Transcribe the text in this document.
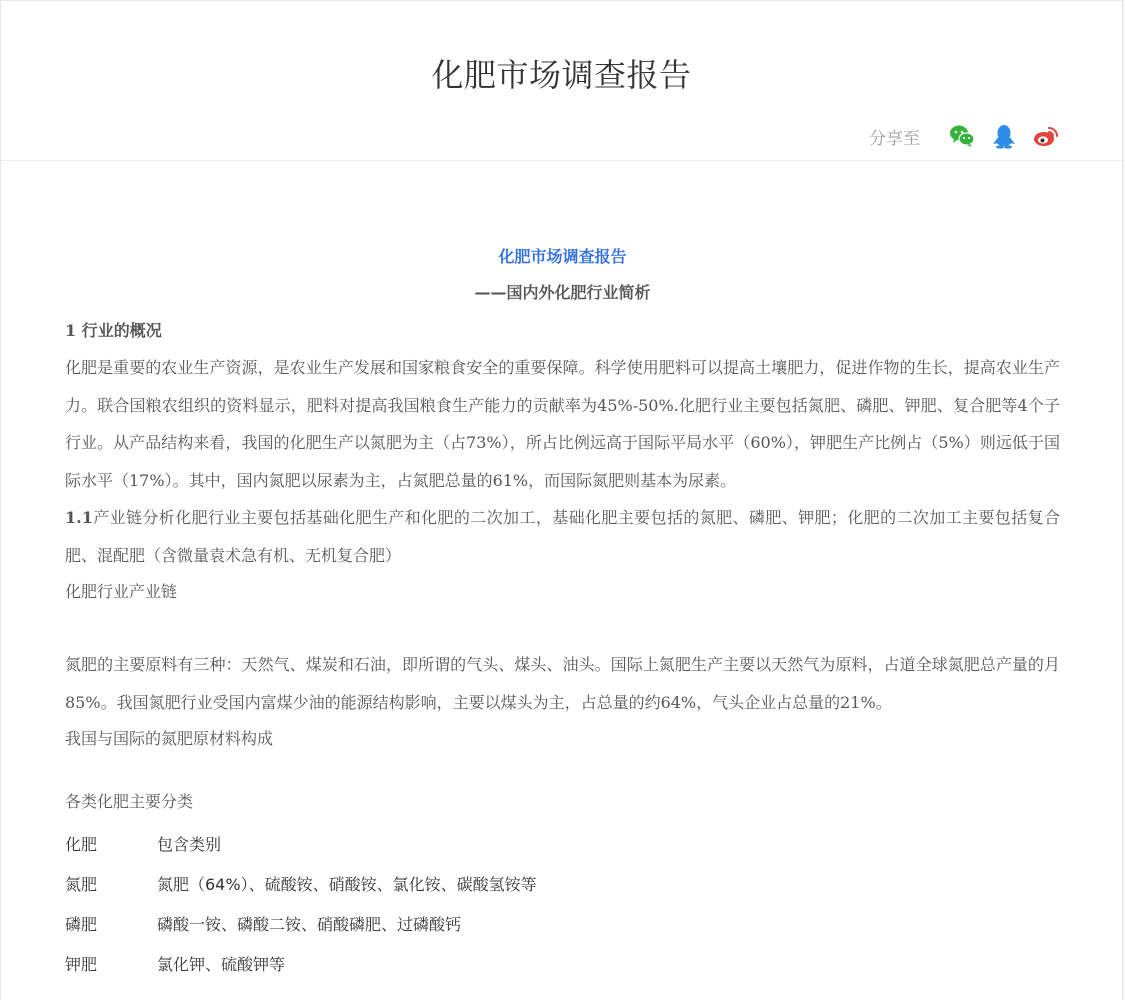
化肥市场调查报告
分享至
化肥市场调查报告
——国内外化肥行业简析
1 行业的概况

化肥是重要的农业生产资源，是农业生产发展和国家粮食安全的重要保障。科学使用肥料可以提高土壤肥力，促进作物的生长，提高农业生产力。联合国粮农组织的资料显示，肥料对提高我国粮食生产能力的贡献率为45%-50%.化肥行业主要包括氮肥、磷肥、钾肥、复合肥等4个子行业。从产品结构来看，我国的化肥生产以氮肥为主（占73%），所占比例远高于国际平局水平（60%），钾肥生产比例占（5%）则远低于国际水平（17%）。其中，国内氮肥以尿素为主，占氮肥总量的61%，而国际氮肥则基本为尿素。

1.1产业链分析化肥行业主要包括基础化肥生产和化肥的二次加工，基础化肥主要包括的氮肥、磷肥、钾肥；化肥的二次加工主要包括复合肥、混配肥（含微量袁术急有机、无机复合肥）

化肥行业产业链

氮肥的主要原料有三种：天然气、煤炭和石油，即所谓的气头、煤头、油头。国际上氮肥生产主要以天然气为原料，占道全球氮肥总产量的月85%。我国氮肥行业受国内富煤少油的能源结构影响，主要以煤头为主，占总量的约64%，气头企业占总量的21%。

我国与国际的氮肥原材料构成
各类化肥主要分类
化肥	包含类别
氮肥	氮肥（64%）、硫酸铵、硝酸铵、氯化铵、碳酸氢铵等
磷肥	磷酸一铵、磷酸二铵、硝酸磷肥、过磷酸钙
钾肥	氯化钾、硫酸钾等
